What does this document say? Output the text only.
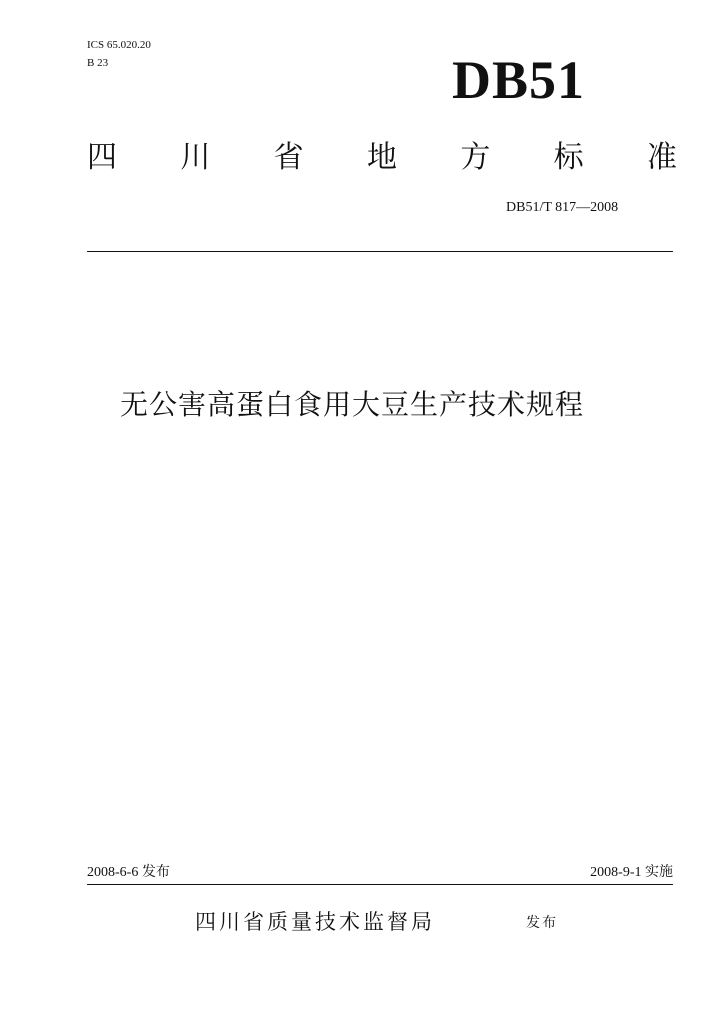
ICS 65.020.20
B 23	DB51
四 川 省 地 方 标 准
DB51/T 817—2008
无公害高蛋白食用大豆生产技术规程
2008-6-6 发布	2008-9-1 实施
四川省质量技术监督局	发布
